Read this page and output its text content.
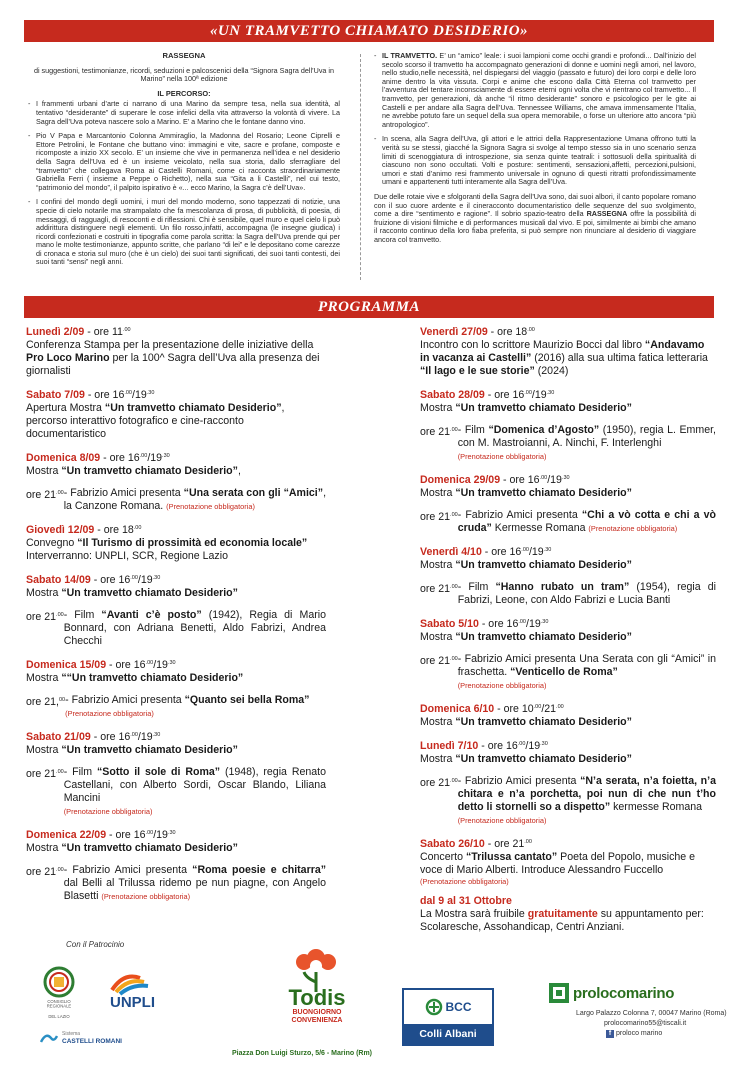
«UN TRAMVETTO CHIAMATO DESIDERIO»

RASSEGNA

di suggestioni, testimonianze, ricordi, seduzioni e palcoscenici della “Signora Sagra dell’Uva in Marino” nella 100ª edizione

IL PERCORSO:

- I frammenti urbani d’arte ci narrano di una Marino da sempre tesa, nella sua identità, al tentativo “desiderante” di superare le cose infelici della vita attraverso la volontà di vivere. La Sagra dell’Uva poteva nascere solo a Marino. E’ a Marino che le fontane danno vino.
- Pio V Papa e Marcantonio Colonna Ammiraglio, la Madonna del Rosario; Leone Ciprelli e Ettore Petrolini, le Fontane che buttano vino: immagini e vite, sacre e profane, composte e ricomposte a inizio XX secolo. E’ un insieme che vive in permanenza nell’idea e nel desiderio della Sagra dell’Uva ed è un insieme veicolato, nella sua storia, dallo sferragliare del “tramvetto” che collegava Roma ai Castelli Romani, come ci racconta straordinariamente Gabriella Ferri ( insieme a Peppe o Richetto), nella sua “Gita a li Castelli”, nel cui testo, “patrimonio del mondo”, il palpito ispirativo è «... ecco Marino, la Sagra c’è dell’Uva».
- I confini del mondo degli uomini, i muri del mondo moderno, sono tappezzati di notizie, una specie di cielo notarile ma strampalato che fa mescolanza di prosa, di pubblicità, di poesia, di messaggi, di ragguagli, di resoconti e di riflessioni. Chi è sensibile, quel muro e quel cielo li può addirittura distinguere negli elementi. Un filo rosso,infatti, accompagna (le insegne giudica) i ricordi confezionati e costruiti in tipografia come parola scritta: la Sagra dell’Uva prende qui per mano le molte testimonianze, appunto scritte, che parlano “di lei” e le depositano come carezze di cronaca e storia sul muro (che è un cielo) dei suoi tanti significati, dei suoi tanti contesti, dei suoi tanti “sensi” negli anni.
- IL TRAMVETTO. E’ un “amico” leale: i suoi lampioni come occhi grandi e profondi... Dall’inizio del secolo scorso il tramvetto ha accompagnato generazioni di donne e uomini negli amori, nel lavoro, nello studio,nelle necessità, nel dispiegarsi del viaggio (passato e futuro) dei loro corpi e delle loro anime dentro la vita vissuta. Corpi e anime che escono dalla Città Eterna col tramvetto per l’avventura del tentare inconsciamente di essere eterni ogni volta che vi rientrano col tramvetto... Il tramvetto, per generazioni, dà anche “il ritmo desiderante” sonoro e psicologico per le gite ai Castelli e per andare alla Sagra dell’Uva. Tennessee Williams, che amava immensamente l’Italia, ne avrebbe potuto fare un sequel della sua opera memorabile, o forse un ulteriore atto ancora “più antropologico”.
- In scena, alla Sagra dell’Uva, gli attori e le attrici della Rappresentazione Umana offrono tutti la verità su se stessi, giacché la Signora Sagra si svolge al tempo stesso sia in uno scenario senza limiti di scenoggiatura di introspezione, sia senza quinte teatrali: i sottosuoli della spiritualità di ciascuno non sono occultati. Volti e posture: sentimenti, sensazioni,affetti, percezioni,pulsioni, umori e stati d’animo resi frammento universale in ognuno di questi ritratti profondissimamente umani e appartenenti tutti interamente alla Sagra dell’Uva.

Due delle rotaie vive e sfolgoranti della Sagra dell’Uva sono, dai suoi albori, il canto popolare romano con il suo cuore ardente e il cineracconto documentaristico delle sequenze del suo svolgimento, come a dire “sentimento e ragione”. Il sobrio spazio-teatro della RASSEGNA offre la possibilità di fruizione di visioni filmiche e di performances musicali dal vivo. E poi, similmente ai bimbi che amano il racconto continuo della loro fiaba preferita, si può sempre non rinunciare al desiderio di viaggiare ancora col tramvetto.

PROGRAMMA
Lunedì 2/09 - ore $11^{.00}$
Conferenza Stampa per la presentazione delle iniziative della Pro Loco Marino per la 100^ Sagra dell’Uva alla presenza dei giornalisti
Sabato 7/09 - ore $16^{.00}/19^{.30}$
Apertura Mostra “Un tramvetto chiamato Desiderio”, percorso interattivo fotografico e cine-racconto documentaristico
Domenica 8/09 - ore $16^{.00}/19^{.30}$
Mostra “Un tramvetto chiamato Desiderio”,
ore $21^{.00}$ - Fabrizio Amici presenta “Una serata con gli “Amici”, la Canzone Romana. (Prenotazione obbligatoria)
Giovedì 12/09 - ore $18^{.00}$
Convegno “Il Turismo di prossimità ed economia locale”
Interverranno: UNPLI, SCR, Regione Lazio
Sabato 14/09 - ore $16^{.00}/19^{.30}$
Mostra “Un tramvetto chiamato Desiderio”
ore $21^{.00}$ - Film “Avanti c’è posto” (1942), Regia di Mario Bonnard, con Adriana Benetti, Aldo Fabrizi, Andrea Checchi
Domenica 15/09 - ore $16^{.00}/19^{.30}$
Mostra ““Un tramvetto chiamato Desiderio”
ore 21,00 - Fabrizio Amici presenta “Quanto sei bella Roma”
(Prenotazione obbligatoria)
Sabato 21/09 - ore $16^{.00}/19^{.30}$
Mostra “Un tramvetto chiamato Desiderio”
ore $21^{.00}$ - Film “Sotto il sole di Roma” (1948), regia Renato Castellani, con Alberto Sordi, Oscar Blando, Liliana Mancini
(Prenotazione obbligatoria)
Domenica 22/09 - ore $16^{.00}/19^{.30}$
Mostra “Un tramvetto chiamato Desiderio”
ore $21^{.00}$ - Fabrizio Amici presenta “Roma poesie e chitarra” dal Belli al Trilussa ridemo pe nun piagne, con Angelo Blasetti (Prenotazione obbligatoria)
Venerdì 27/09 - ore $18^{.00}$
Incontro con lo scrittore Maurizio Bocci dal libro “Andavamo in vacanza ai Castelli” (2016) alla sua ultima fatica letteraria “Il lago e le sue storie” (2024)
Sabato 28/09 - ore $16^{.00}/19^{.30}$
Mostra “Un tramvetto chiamato Desiderio”
ore $21^{.00}$ - Film “Domenica d’Agosto” (1950), regia L. Emmer, con M. Mastroianni, A. Ninchi, F. Interlenghi
(Prenotazione obbligatoria)
Domenica 29/09 - ore $16^{.00}/19^{.30}$
Mostra “Un tramvetto chiamato Desiderio”
ore $21^{.00}$ - Fabrizio Amici presenta “Chi a vò cotta e chi a vò cruda” Kermesse Romana (Prenotazione obbligatoria)
Venerdì 4/10 - ore $16^{.00}/19^{.30}$
Mostra “Un tramvetto chiamato Desiderio”
ore $21^{.00}$ - Film “Hanno rubato un tram” (1954), regia di Fabrizi, Leone, con Aldo Fabrizi e Lucia Banti
Sabato 5/10 - ore $16^{.00}/19^{.30}$
Mostra “Un tramvetto chiamato Desiderio”
ore $21^{.00}$ - Fabrizio Amici presenta Una Serata con gli “Amici” in fraschetta. “Venticello de Roma”
(Prenotazione obbligatoria)
Domenica 6/10 - ore $10^{.00}/21^{.00}$
Mostra “Un tramvetto chiamato Desiderio”
Lunedì 7/10 - ore $16^{.00}/19^{.30}$
Mostra “Un tramvetto chiamato Desiderio”
ore $21^{.00}$ - Fabrizio Amici presenta “N’a serata, n’a foietta, n’a chitara e n’a porchetta, poi nun di che nun t’ho detto li stornelli so a dispetto” kermesse Romana
(Prenotazione obbligatoria)
Sabato 26/10 - ore $21^{.00}$
Concerto “Trilussa cantato” Poeta del Popolo, musiche e voce di Mario Alberti. Introduce Alessandro Fuccello
(Prenotazione obbligatoria)
dal 9 al 31 Ottobre
La Mostra sarà fruibile gratuitamente su appuntamento per: Scolaresche, Assohandicap, Centri Anziani.
Con il Patrocinio
CONSIGLIO
REGIONALE
DEL LAZIO
UNPLI
Sistema
CASTELLI ROMANI
Todis
BUONGIORNO
CONVENIENZA
Piazza Don Luigi Sturzo, 5/6 - Marino (Rm)
BCC
Colli Albani
prolocomarino
Largo Palazzo Colonna 7, 00047 Marino (Roma)
prolocomarino55@tiscali.it
f proloco marino
